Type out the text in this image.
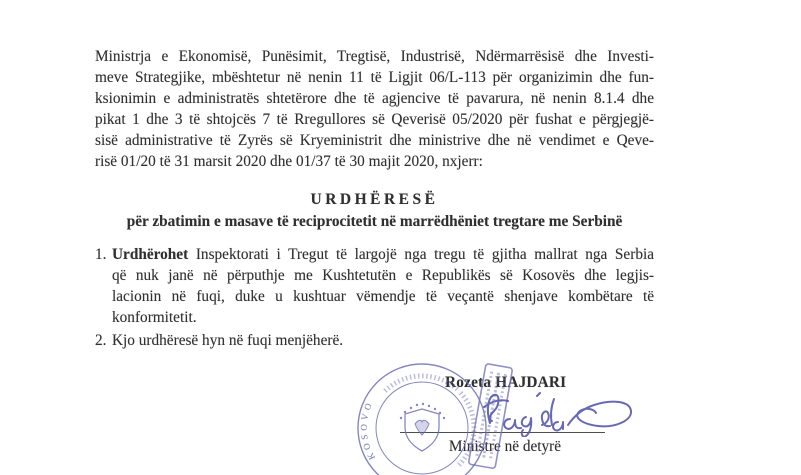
Ministrja e Ekonomisë, Punësimit, Tregtisë, Industrisë, Ndërmarrësisë dhe Investi-
meve Strategjike, mbështetur në nenin 11 të Ligjit 06/L-113 për organizimin dhe fun-
ksionimin e administratës shtetërore dhe të agjencive të pavarura, në nenin 8.1.4 dhe
pikat 1 dhe 3 të shtojcës 7 të Rregullores së Qeverisë 05/2020 për fushat e përgjegjë-
sisë administrative të Zyrës së Kryeministrit dhe ministrive dhe në vendimet e Qeve-
risë 01/20 të 31 marsit 2020 dhe 01/37 të 30 majit 2020, nxjerr:
URDHËRESË
për zbatimin e masave të reciprocitetit në marrëdhëniet tregtare me Serbinë
1. Urdhërohet Inspektorati i Tregut të largojë nga tregu të gjitha mallrat nga Serbia
që nuk janë në përputhje me Kushtetutën e Republikës së Kosovës dhe legjis-
lacionin në fuqi, duke u kushtuar vëmendje të veçantë shenjave kombëtare të
konformitetit.
2. Kjo urdhëresë hyn në fuqi menjëherë.
Rozeta HAJDARI
Ministre në detyrë
KOSOVO
